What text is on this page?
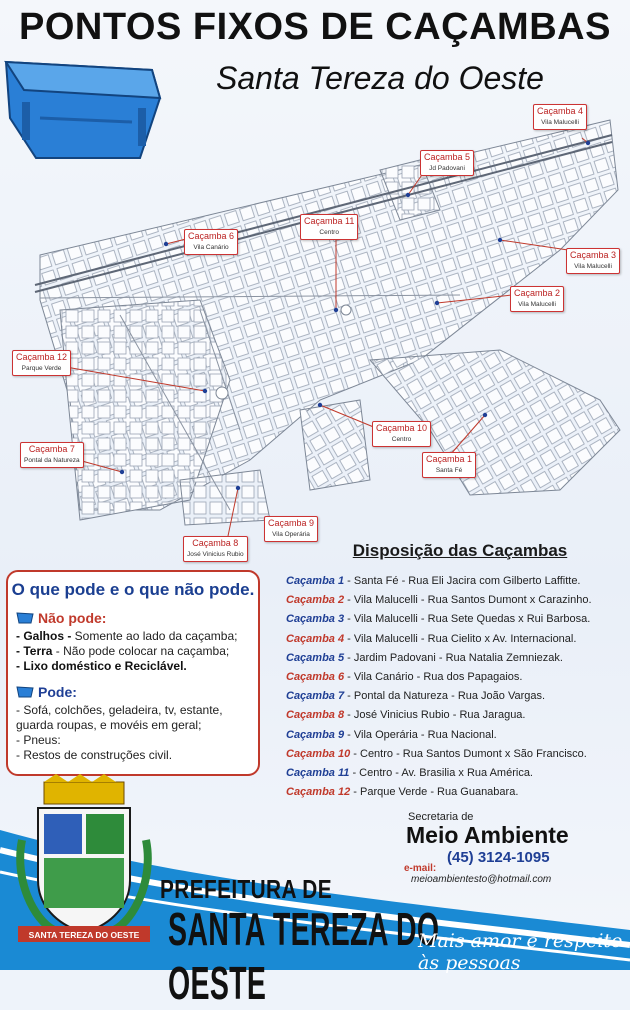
PONTOS FIXOS DE CAÇAMBAS
Santa Tereza do Oeste
Caçamba 1
Santa Fé
Caçamba 2
Vila Malucelli
Caçamba 3
Vila Malucelli
Caçamba 4
Vila Malucelli
Caçamba 5
Jd Padovani
Caçamba 6
Vila Canário
Caçamba 7
Pontal da Natureza
Caçamba 8
José Vinicius Rubio
Caçamba 9
Vila Operária
Caçamba 10
Centro
Caçamba 11
Centro
Caçamba 12
Parque Verde
O que pode e o que não pode.
Não pode:
- Galhos - Somente ao lado da caçamba;
- Terra - Não pode colocar na caçamba;
- Lixo doméstico e Reciclável.
Pode:
- Sofá, colchões, geladeira, tv, estante,
guarda roupas, e movéis em geral;
- Pneus:
- Restos de construções civil.
Disposição das Caçambas
Caçamba 1 - Santa Fé - Rua Eli Jacira com Gilberto Laffitte.
Caçamba 2 - Vila Malucelli - Rua Santos Dumont x Carazinho.
Caçamba 3 - Vila Malucelli - Rua Sete Quedas x Rui Barbosa.
Caçamba 4 - Vila Malucelli - Rua Cielito x Av. Internacional.
Caçamba 5 - Jardim Padovani - Rua Natalia Zemniezak.
Caçamba 6 - Vila Canário - Rua dos Papagaios.
Caçamba 7 - Pontal da Natureza - Rua João Vargas.
Caçamba 8 - José Vinicius Rubio - Rua Jaragua.
Caçamba 9 - Vila Operária - Rua Nacional.
Caçamba 10 - Centro - Rua Santos Dumont x São Francisco.
Caçamba 11 - Centro - Av. Brasilia x Rua América.
Caçamba 12 - Parque Verde - Rua Guanabara.
SANTA TEREZA DO OESTE
Secretaria de
Meio Ambiente
(45) 3124-1095
e-mail:
meioambientesto@hotmail.com
PREFEITURA DE
SANTA TEREZA DO OESTE
Mais amor e respeito às pessoas
